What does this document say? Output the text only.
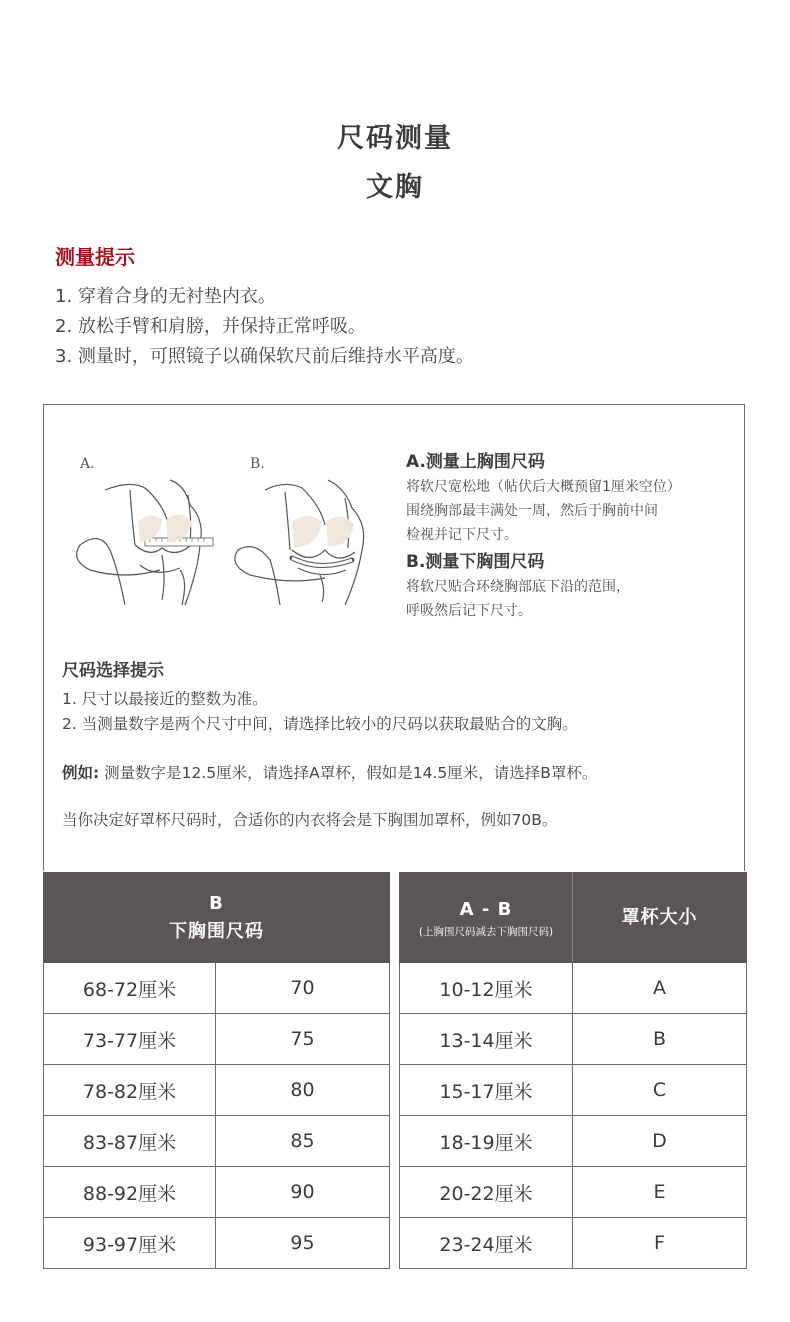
尺码测量
文胸
测量提示
1. 穿着合身的无衬垫内衣。
2. 放松手臂和肩膀，并保持正常呼吸。
3. 测量时，可照镜子以确保软尺前后维持水平高度。
A.	B.	A.测量上胸围尺码
将软尺宽松地（帖伏后大概预留1厘米空位）
围绕胸部最丰满处一周，然后于胸前中间
检视并记下尺寸。
B.测量下胸围尺码
将软尺贴合环绕胸部底下沿的范围，
呼吸然后记下尺寸。
尺码选择提示
1. 尺寸以最接近的整数为准。
2. 当测量数字是两个尺寸中间，请选择比较小的尺码以获取最贴合的文胸。
例如: 测量数字是12.5厘米，请选择A罩杯，假如是14.5厘米，请选择B罩杯。
当你决定好罩杯尺码时，合适你的内衣将会是下胸围加罩杯，例如70B。
B
下胸围尺码	

68-72厘米	70
73-77厘米	75
78-82厘米	80
83-87厘米	85
88-92厘米	90
93-97厘米	95
A - B
(上胸围尺码减去下胸围尺码)	罩杯大小

10-12厘米	A
13-14厘米	B
15-17厘米	C
18-19厘米	D
20-22厘米	E
23-24厘米	F
